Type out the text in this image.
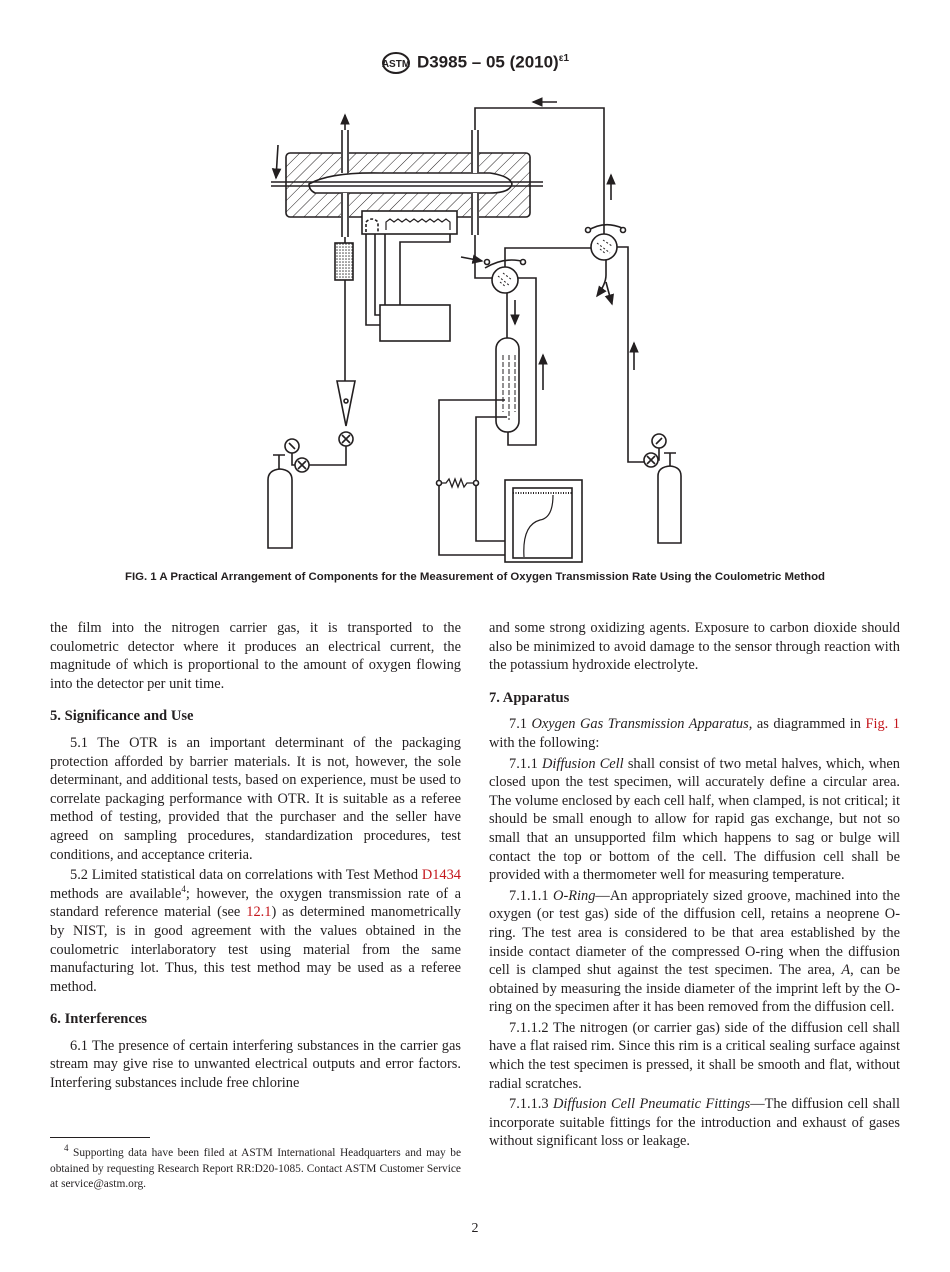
ASTM D3985 – 05 $(2010)^{\varepsilon 1}$
FIG. 1 A Practical Arrangement of Components for the Measurement of Oxygen Transmission Rate Using the Coulometric Method

the film into the nitrogen carrier gas, it is transported to the coulometric detector where it produces an electrical current, the magnitude of which is proportional to the amount of oxygen flowing into the detector per unit time.

5. Significance and Use

5.1 The OTR is an important determinant of the packaging protection afforded by barrier materials. It is not, however, the sole determinant, and additional tests, based on experience, must be used to correlate packaging performance with OTR. It is suitable as a referee method of testing, provided that the purchaser and the seller have agreed on sampling procedures, standardization procedures, test conditions, and acceptance criteria.

5.2 Limited statistical data on correlations with Test Method D1434 methods are available$^4$; however, the oxygen transmission rate of a standard reference material (see 12.1) as determined manometrically by NIST, is in good agreement with the values obtained in the coulometric interlaboratory test using material from the same manufacturing lot. Thus, this test method may be used as a referee method.

6. Interferences

6.1 The presence of certain interfering substances in the carrier gas stream may give rise to unwanted electrical outputs and error factors. Interfering substances include free chlorine

and some strong oxidizing agents. Exposure to carbon dioxide should also be minimized to avoid damage to the sensor through reaction with the potassium hydroxide electrolyte.

7. Apparatus

7.1 Oxygen Gas Transmission Apparatus, as diagrammed in Fig. 1 with the following:

7.1.1 Diffusion Cell shall consist of two metal halves, which, when closed upon the test specimen, will accurately define a circular area. The volume enclosed by each cell half, when clamped, is not critical; it should be small enough to allow for rapid gas exchange, but not so small that an unsupported film which happens to sag or bulge will contact the top or bottom of the cell. The diffusion cell shall be provided with a thermometer well for measuring temperature.

7.1.1.1 O-Ring—An appropriately sized groove, machined into the oxygen (or test gas) side of the diffusion cell, retains a neoprene O-ring. The test area is considered to be that area established by the inside contact diameter of the compressed O-ring when the diffusion cell is clamped shut against the test specimen. The area, A, can be obtained by measuring the inside diameter of the imprint left by the O-ring on the specimen after it has been removed from the diffusion cell.

7.1.1.2 The nitrogen (or carrier gas) side of the diffusion cell shall have a flat raised rim. Since this rim is a critical sealing surface against which the test specimen is pressed, it shall be smooth and flat, without radial scratches.

7.1.1.3 Diffusion Cell Pneumatic Fittings—The diffusion cell shall incorporate suitable fittings for the introduction and exhaust of gases without significant loss or leakage.

$^4$ Supporting data have been filed at ASTM International Headquarters and may be obtained by requesting Research Report RR:D20-1085. Contact ASTM Customer Service at service@astm.org.
2
